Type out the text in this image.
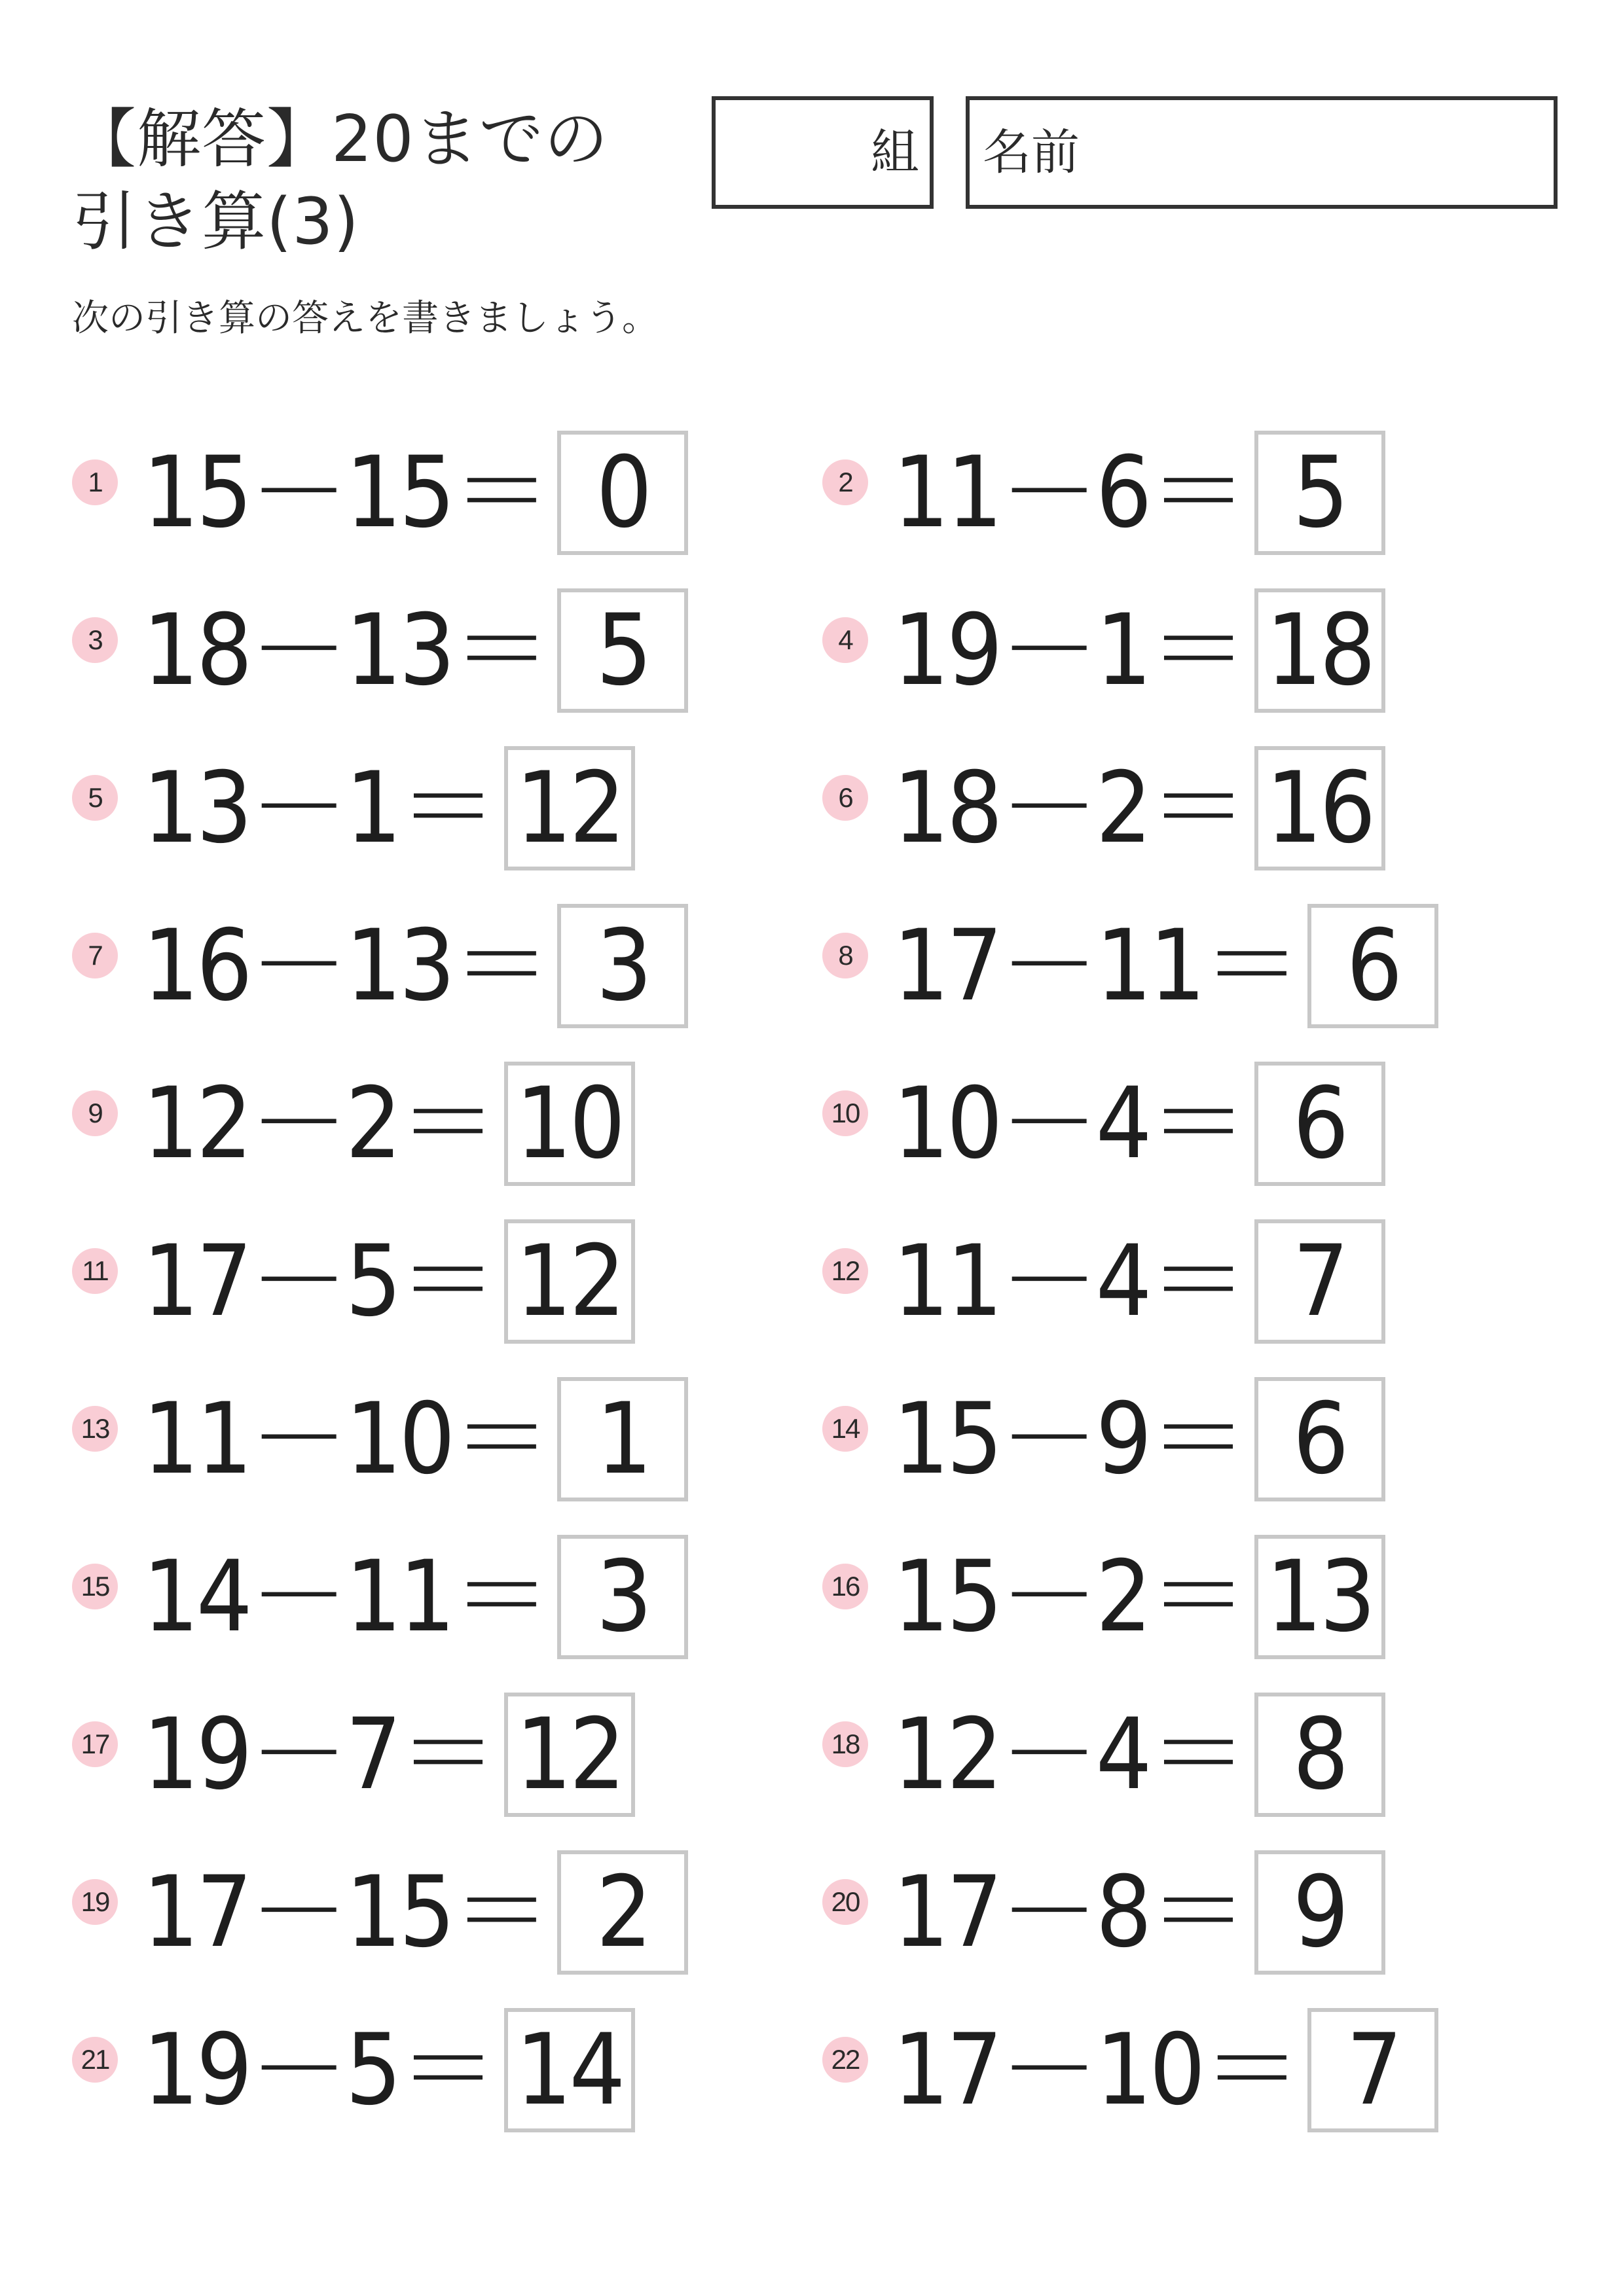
【解答】20までの引き算(3)
組	名前
次の引き算の答えを書きましょう。
1 15－15＝ 0	2 11－6＝ 5
3 18－13＝ 5	4 19－1＝ 18
5 13－1＝ 12	6 18－2＝ 16
7 16－13＝ 3	8 17－11＝ 6
9 12－2＝ 10	10 10－4＝ 6
11 17－5＝ 12	12 11－4＝ 7
13 11－10＝ 1	14 15－9＝ 6
15 14－11＝ 3	16 15－2＝ 13
17 19－7＝ 12	18 12－4＝ 8
19 17－15＝ 2	20 17－8＝ 9
21 19－5＝ 14	22 17－10＝ 7
